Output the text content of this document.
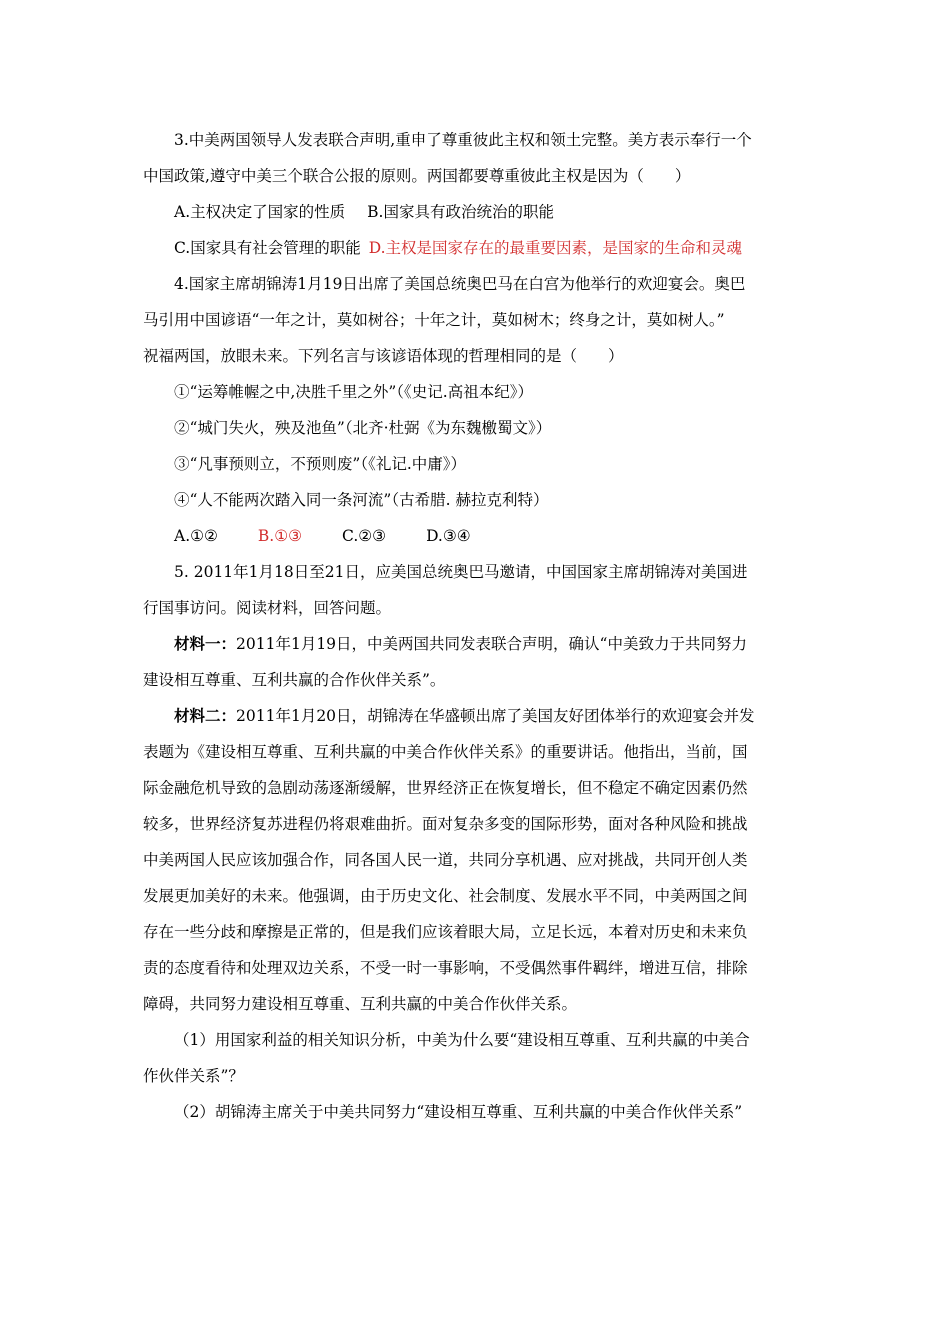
3.中美两国领导人发表联合声明,重申了尊重彼此主权和领土完整。美方表示奉行一个
中国政策,遵守中美三个联合公报的原则。两国都要尊重彼此主权是因为（　　）
A.主权决定了国家的性质 B.国家具有政治统治的职能
C.国家具有社会管理的职能 D.主权是国家存在的最重要因素，是国家的生命和灵魂
4.国家主席胡锦涛1月19日出席了美国总统奥巴马在白宫为他举行的欢迎宴会。奥巴
马引用中国谚语“一年之计，莫如树谷；十年之计，莫如树木；终身之计，莫如树人。”
祝福两国，放眼未来。下列名言与该谚语体现的哲理相同的是（　　）
①“运筹帷幄之中,决胜千里之外”（《史记.高祖本纪》）
②“城门失火，殃及池鱼”（北齐·杜弼《为东魏檄蜀文》）
③“凡事预则立，不预则废”（《礼记.中庸》）
④“人不能两次踏入同一条河流”（古希腊. 赫拉克利特）
A.①②	B.①③	C.②③	D.③④
5. 2011年1月18日至21日，应美国总统奥巴马邀请，中国国家主席胡锦涛对美国进
行国事访问。阅读材料，回答问题。
材料一：2011年1月19日，中美两国共同发表联合声明，确认“中美致力于共同努力
建设相互尊重、互利共赢的合作伙伴关系”。
材料二：2011年1月20日，胡锦涛在华盛顿出席了美国友好团体举行的欢迎宴会并发
表题为《建设相互尊重、互利共赢的中美合作伙伴关系》的重要讲话。他指出，当前，国
际金融危机导致的急剧动荡逐渐缓解，世界经济正在恢复增长，但不稳定不确定因素仍然
较多，世界经济复苏进程仍将艰难曲折。面对复杂多变的国际形势，面对各种风险和挑战
中美两国人民应该加强合作，同各国人民一道，共同分享机遇、应对挑战，共同开创人类
发展更加美好的未来。他强调，由于历史文化、社会制度、发展水平不同，中美两国之间
存在一些分歧和摩擦是正常的，但是我们应该着眼大局，立足长远，本着对历史和未来负
责的态度看待和处理双边关系，不受一时一事影响，不受偶然事件羁绊，增进互信，排除
障碍，共同努力建设相互尊重、互利共赢的中美合作伙伴关系。
（1）用国家利益的相关知识分析，中美为什么要“建设相互尊重、互利共赢的中美合
作伙伴关系”？
（2）胡锦涛主席关于中美共同努力“建设相互尊重、互利共赢的中美合作伙伴关系”
